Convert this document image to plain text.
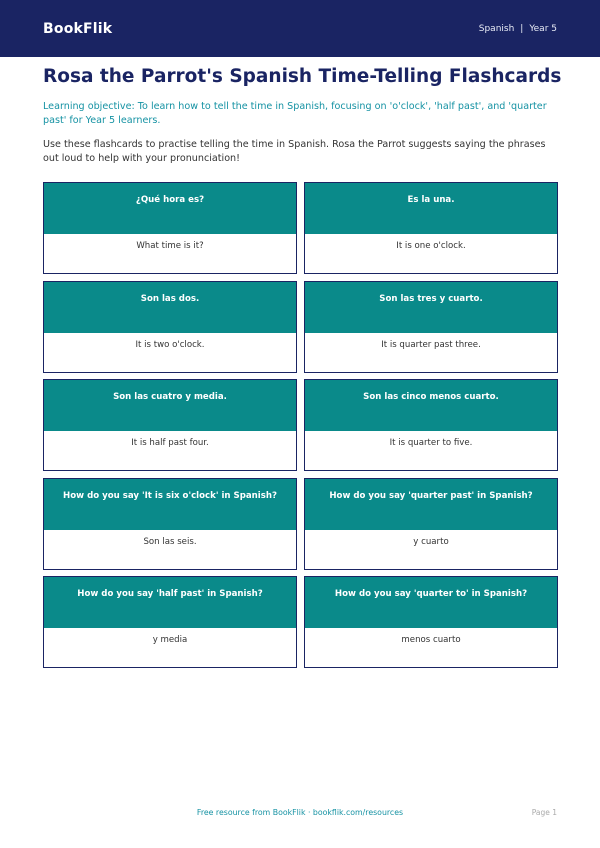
BookFlik	Spanish | Year 5
Rosa the Parrot's Spanish Time-Telling Flashcards

Learning objective: To learn how to tell the time in Spanish, focusing on 'o'clock', 'half past', and 'quarter past' for Year 5 learners.

Use these flashcards to practise telling the time in Spanish. Rosa the Parrot suggests saying the phrases out loud to help with your pronunciation!

¿Qué hora es?
What time is it?
Es la una.
It is one o'clock.
Son las dos.
It is two o'clock.
Son las tres y cuarto.
It is quarter past three.
Son las cuatro y media.
It is half past four.
Son las cinco menos cuarto.
It is quarter to five.
How do you say 'It is six o'clock' in Spanish?
Son las seis.
How do you say 'quarter past' in Spanish?
y cuarto
How do you say 'half past' in Spanish?
y media
How do you say 'quarter to' in Spanish?
menos cuarto
Free resource from BookFlik · bookflik.com/resources	Page 1
